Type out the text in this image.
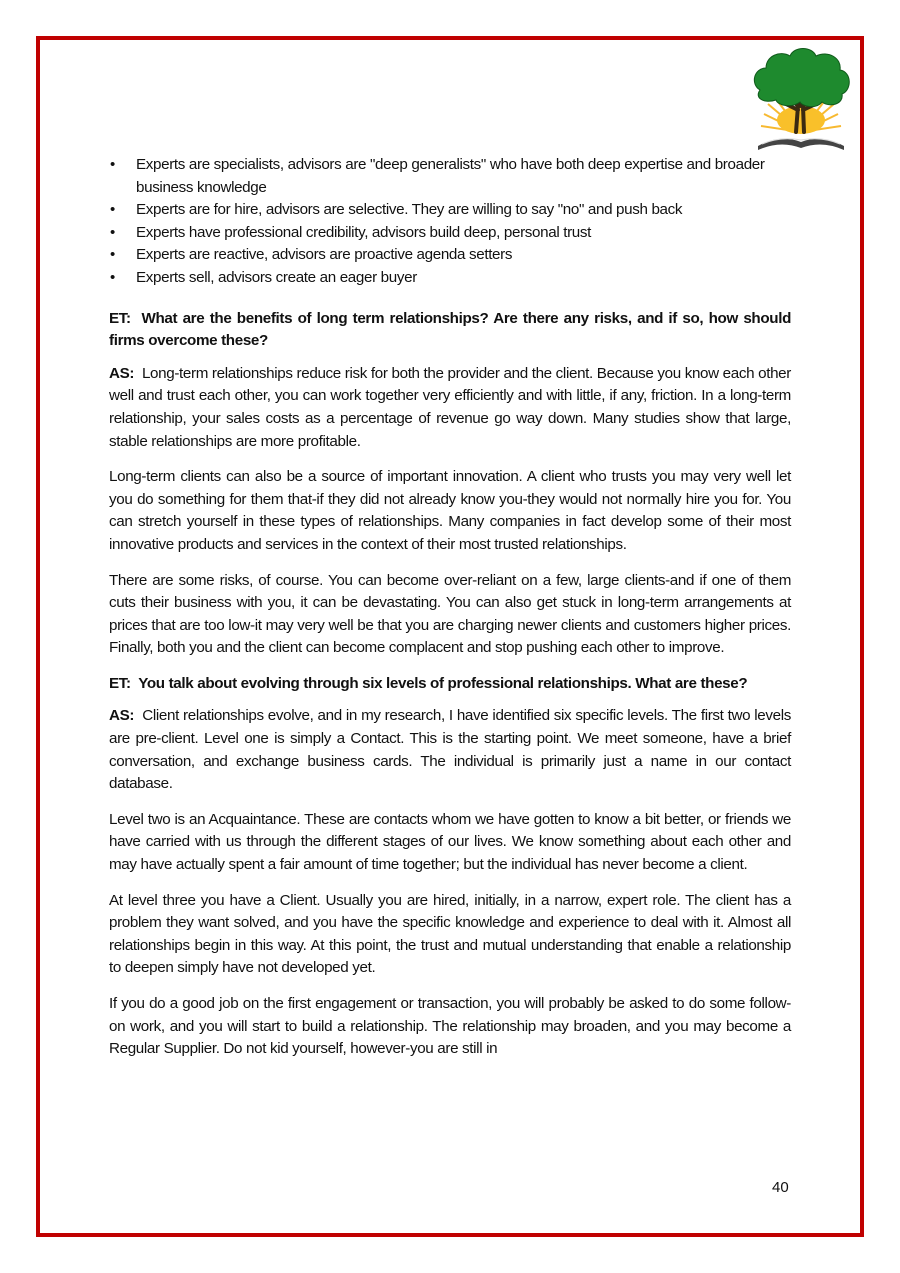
• Experts are specialists, advisors are "deep generalists" who have both deep expertise and broader business knowledge
• Experts are for hire, advisors are selective. They are willing to say "no" and push back
• Experts have professional credibility, advisors build deep, personal trust
• Experts are reactive, advisors are proactive agenda setters
• Experts sell, advisors create an eager buyer

ET: What are the benefits of long term relationships? Are there any risks, and if so, how should firms overcome these?

AS: Long-term relationships reduce risk for both the provider and the client. Because you know each other well and trust each other, you can work together very efficiently and with little, if any, friction. In a long-term relationship, your sales costs as a percentage of revenue go way down. Many studies show that large, stable relationships are more profitable.

Long-term clients can also be a source of important innovation. A client who trusts you may very well let you do something for them that-if they did not already know you-they would not normally hire you for. You can stretch yourself in these types of relationships. Many companies in fact develop some of their most innovative products and services in the context of their most trusted relationships.

There are some risks, of course. You can become over-reliant on a few, large clients-and if one of them cuts their business with you, it can be devastating. You can also get stuck in long-term arrangements at prices that are too low-it may very well be that you are charging newer clients and customers higher prices. Finally, both you and the client can become complacent and stop pushing each other to improve.

ET: You talk about evolving through six levels of professional relationships. What are these?

AS: Client relationships evolve, and in my research, I have identified six specific levels. The first two levels are pre-client. Level one is simply a Contact. This is the starting point. We meet someone, have a brief conversation, and exchange business cards. The individual is primarily just a name in our contact database.

Level two is an Acquaintance. These are contacts whom we have gotten to know a bit better, or friends we have carried with us through the different stages of our lives. We know something about each other and may have actually spent a fair amount of time together; but the individual has never become a client.

At level three you have a Client. Usually you are hired, initially, in a narrow, expert role. The client has a problem they want solved, and you have the specific knowledge and experience to deal with it. Almost all relationships begin in this way. At this point, the trust and mutual understanding that enable a relationship to deepen simply have not developed yet.

If you do a good job on the first engagement or transaction, you will probably be asked to do some follow-on work, and you will start to build a relationship. The relationship may broaden, and you may become a Regular Supplier. Do not kid yourself, however-you are still in

40
